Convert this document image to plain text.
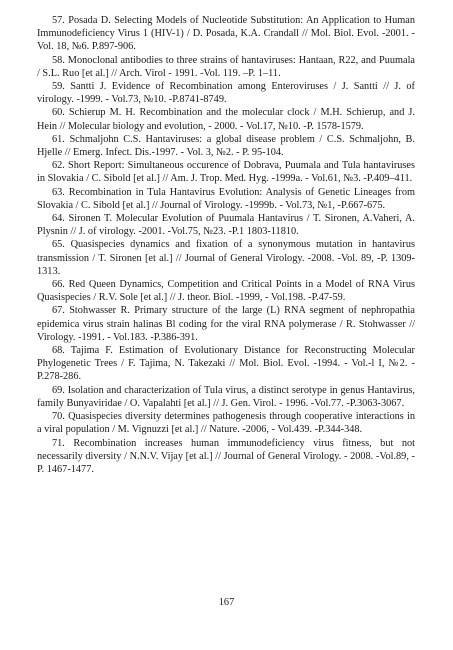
57. Posada D. Selecting Models of Nucleotide Substitution: An Application to Human Immunodeficiency Virus 1 (HIV-1) / D. Posada, K.A. Crandall // Mol. Biol. Evol. -2001. -Vol. 18, №6. P.897-906.

58. Monoclonal antibodies to three strains of hantaviruses: Hantaan, R22, and Puumala / S.L. Ruo [et al.] // Arch. Virol - 1991. -Vol. 119. –P. 1–11.

59. Santti J. Evidence of Recombination among Enteroviruses / J. Santti // J. of virology. -1999. - Vol.73, №10. -P.8741-8749.

60. Schierup M. H. Recombination and the molecular clock / M.H. Schierup, and J. Hein // Molecular biology and evolution, - 2000. - Vol.17, №10. -P. 1578-1579.

61. Schmaljohn C.S. Hantaviruses: a global disease problem / C.S. Schmaljohn, B. Hjelle // Emerg. Infect. Dis.-1997. - Vol. 3, №2. - P. 95-104.

62. Short Report: Simultaneous occurence of Dobrava, Puumala and Tula hantaviruses in Slovakia / C. Sibold [et al.] // Am. J. Trop. Med. Hyg. -1999a. - Vol.61, №3. -P.409–411.

63. Recombination in Tula Hantavirus Evolution: Analysis of Genetic Lineages from Slovakia / C. Sibold [et al.] // Journal of Virology. -1999b. - Vol.73, №1, -P.667-675.

64. Sironen T. Molecular Evolution of Puumala Hantavirus / T. Sironen, A.Vaheri, A. Plysnin // J. of virology. -2001. -Vol.75, №23. -P.1 1803-11810.

65. Quasispecies dynamics and fixation of a synonymous mutation in hantavirus transmission / T. Sironen [et al.] // Journal of General Virology. -2008. -Vol. 89, -P. 1309-1313.

66. Red Queen Dynamics, Competition and Critical Points in a Model of RNA Virus Quasispecies / R.V. Sole [et al.] // J. theor. Biol. -1999, - Vol.198. -P.47-59.

67. Stohwasser R. Primary structure of the large (L) RNA segment of nephropathia epidemica virus strain halinas Bl coding for the viral RNA polymerase / R. Stohwasser // Virology. -1991. - Vol.183. -P.386-391.

68. Tajima F. Estimation of Evolutionary Distance for Reconstructing Molecular Phylogenetic Trees / F. Tajima, N. Takezaki // Mol. Biol. Evol. -1994. - Vol.-l I, №2. -P.278-286.

69. Isolation and characterization of Tula virus, a distinct serotype in genus Hantavirus, family Bunyaviridae / O. Vapalahti [et al.] // J. Gen. Virol. - 1996. -Vol.77. -P.3063-3067.

70. Quasispecies diversity determines pathogenesis through cooperative interactions in a viral population / M. Vignuzzi [et al.] // Nature. -2006, - Vol.439. -P.344-348.

71. Recombination increases human immunodeficiency virus fitness, but not necessarily diversity / N.N.V. Vijay [et al.] // Journal of General Virology. - 2008. -Vol.89, -P. 1467-1477.

167
